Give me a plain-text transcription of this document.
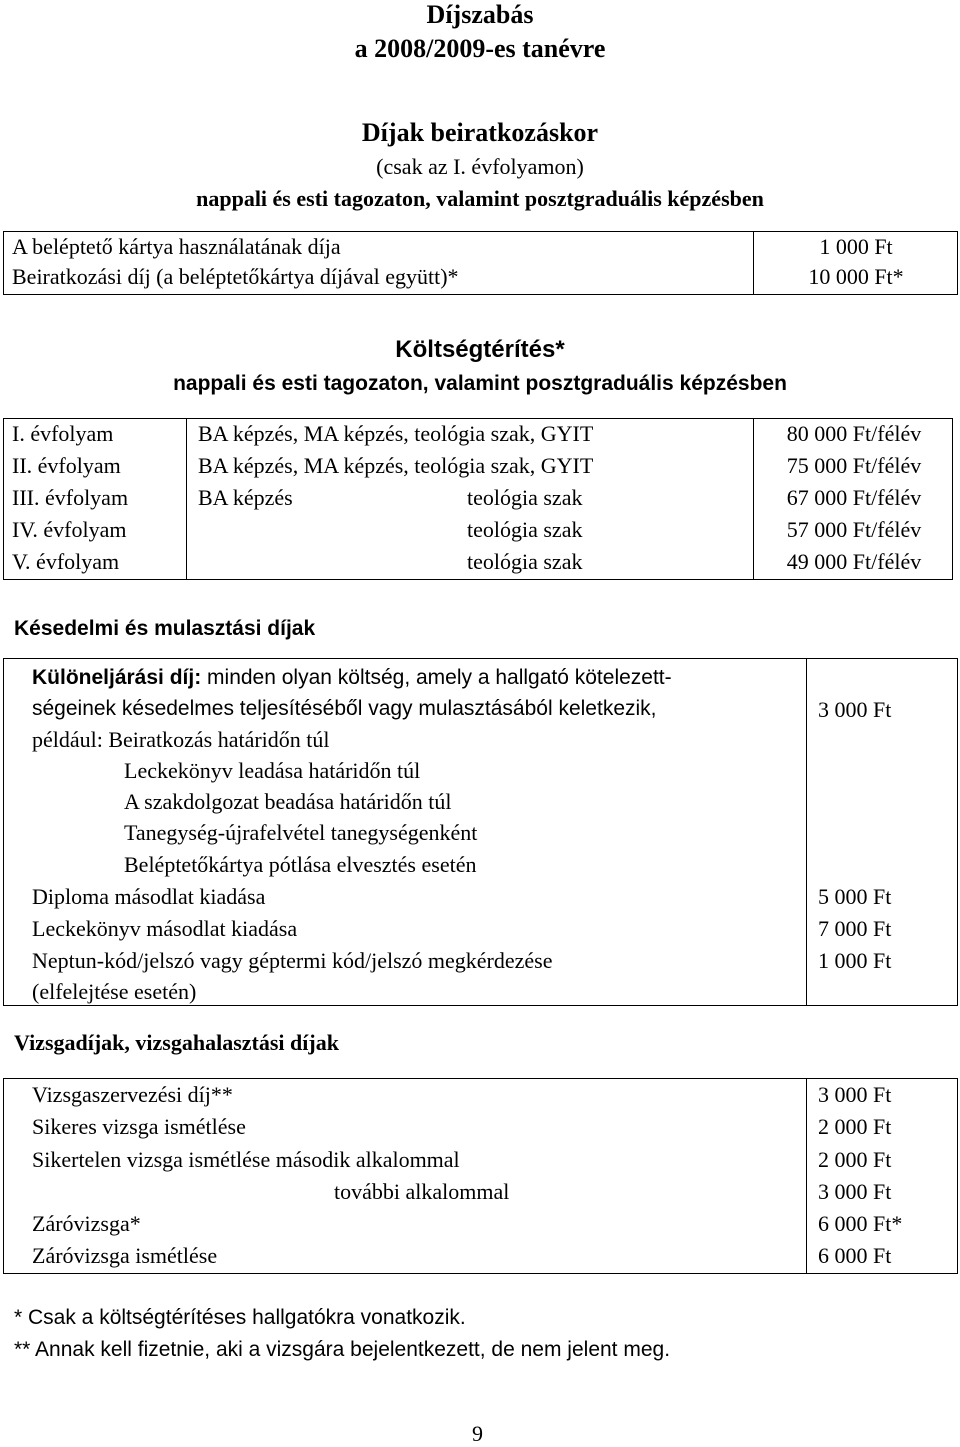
Díjszabás
a 2008/2009-es tanévre
Díjak beiratkozáskor
(csak az I. évfolyamon)
nappali és esti tagozaton, valamint posztgraduális képzésben
A beléptető kártya használatának díja	1 000 Ft
Beiratkozási díj (a beléptetőkártya díjával együtt)*	10 000 Ft*
Költségtérítés*
nappali és esti tagozaton, valamint posztgraduális képzésben
I. évfolyam	BA képzés, MA képzés, teológia szak, GYIT	80 000 Ft/félév
II. évfolyam	BA képzés, MA képzés, teológia szak, GYIT	75 000 Ft/félév
III. évfolyam	BA képzés	teológia szak	67 000 Ft/félév
IV. évfolyam	teológia szak	57 000 Ft/félév
V. évfolyam	teológia szak	49 000 Ft/félév
Késedelmi és mulasztási díjak
Különeljárási díj: minden olyan költség, amely a hallgató kötelezett-
ségeinek késedelmes teljesítéséből vagy mulasztásából keletkezik,
például: Beiratkozás határidőn túl
Leckekönyv leadása határidőn túl
A szakdolgozat beadása határidőn túl
Tanegység-újrafelvétel tanegységenként
Beléptetőkártya pótlása elvesztés esetén
3 000 Ft
Diploma másodlat kiadása	5 000 Ft
Leckekönyv másodlat kiadása	7 000 Ft
Neptun-kód/jelszó vagy géptermi kód/jelszó megkérdezése	1 000 Ft
(elfelejtése esetén)
Vizsgadíjak, vizsgahalasztási díjak
Vizsgaszervezési díj**	3 000 Ft
Sikeres vizsga ismétlése	2 000 Ft
Sikertelen vizsga ismétlése második alkalommal	2 000 Ft
további alkalommal	3 000 Ft
Záróvizsga*	6 000 Ft*
Záróvizsga ismétlése	6 000 Ft
* Csak a költségtérítéses hallgatókra vonatkozik.
** Annak kell fizetnie, aki a vizsgára bejelentkezett, de nem jelent meg.
9
